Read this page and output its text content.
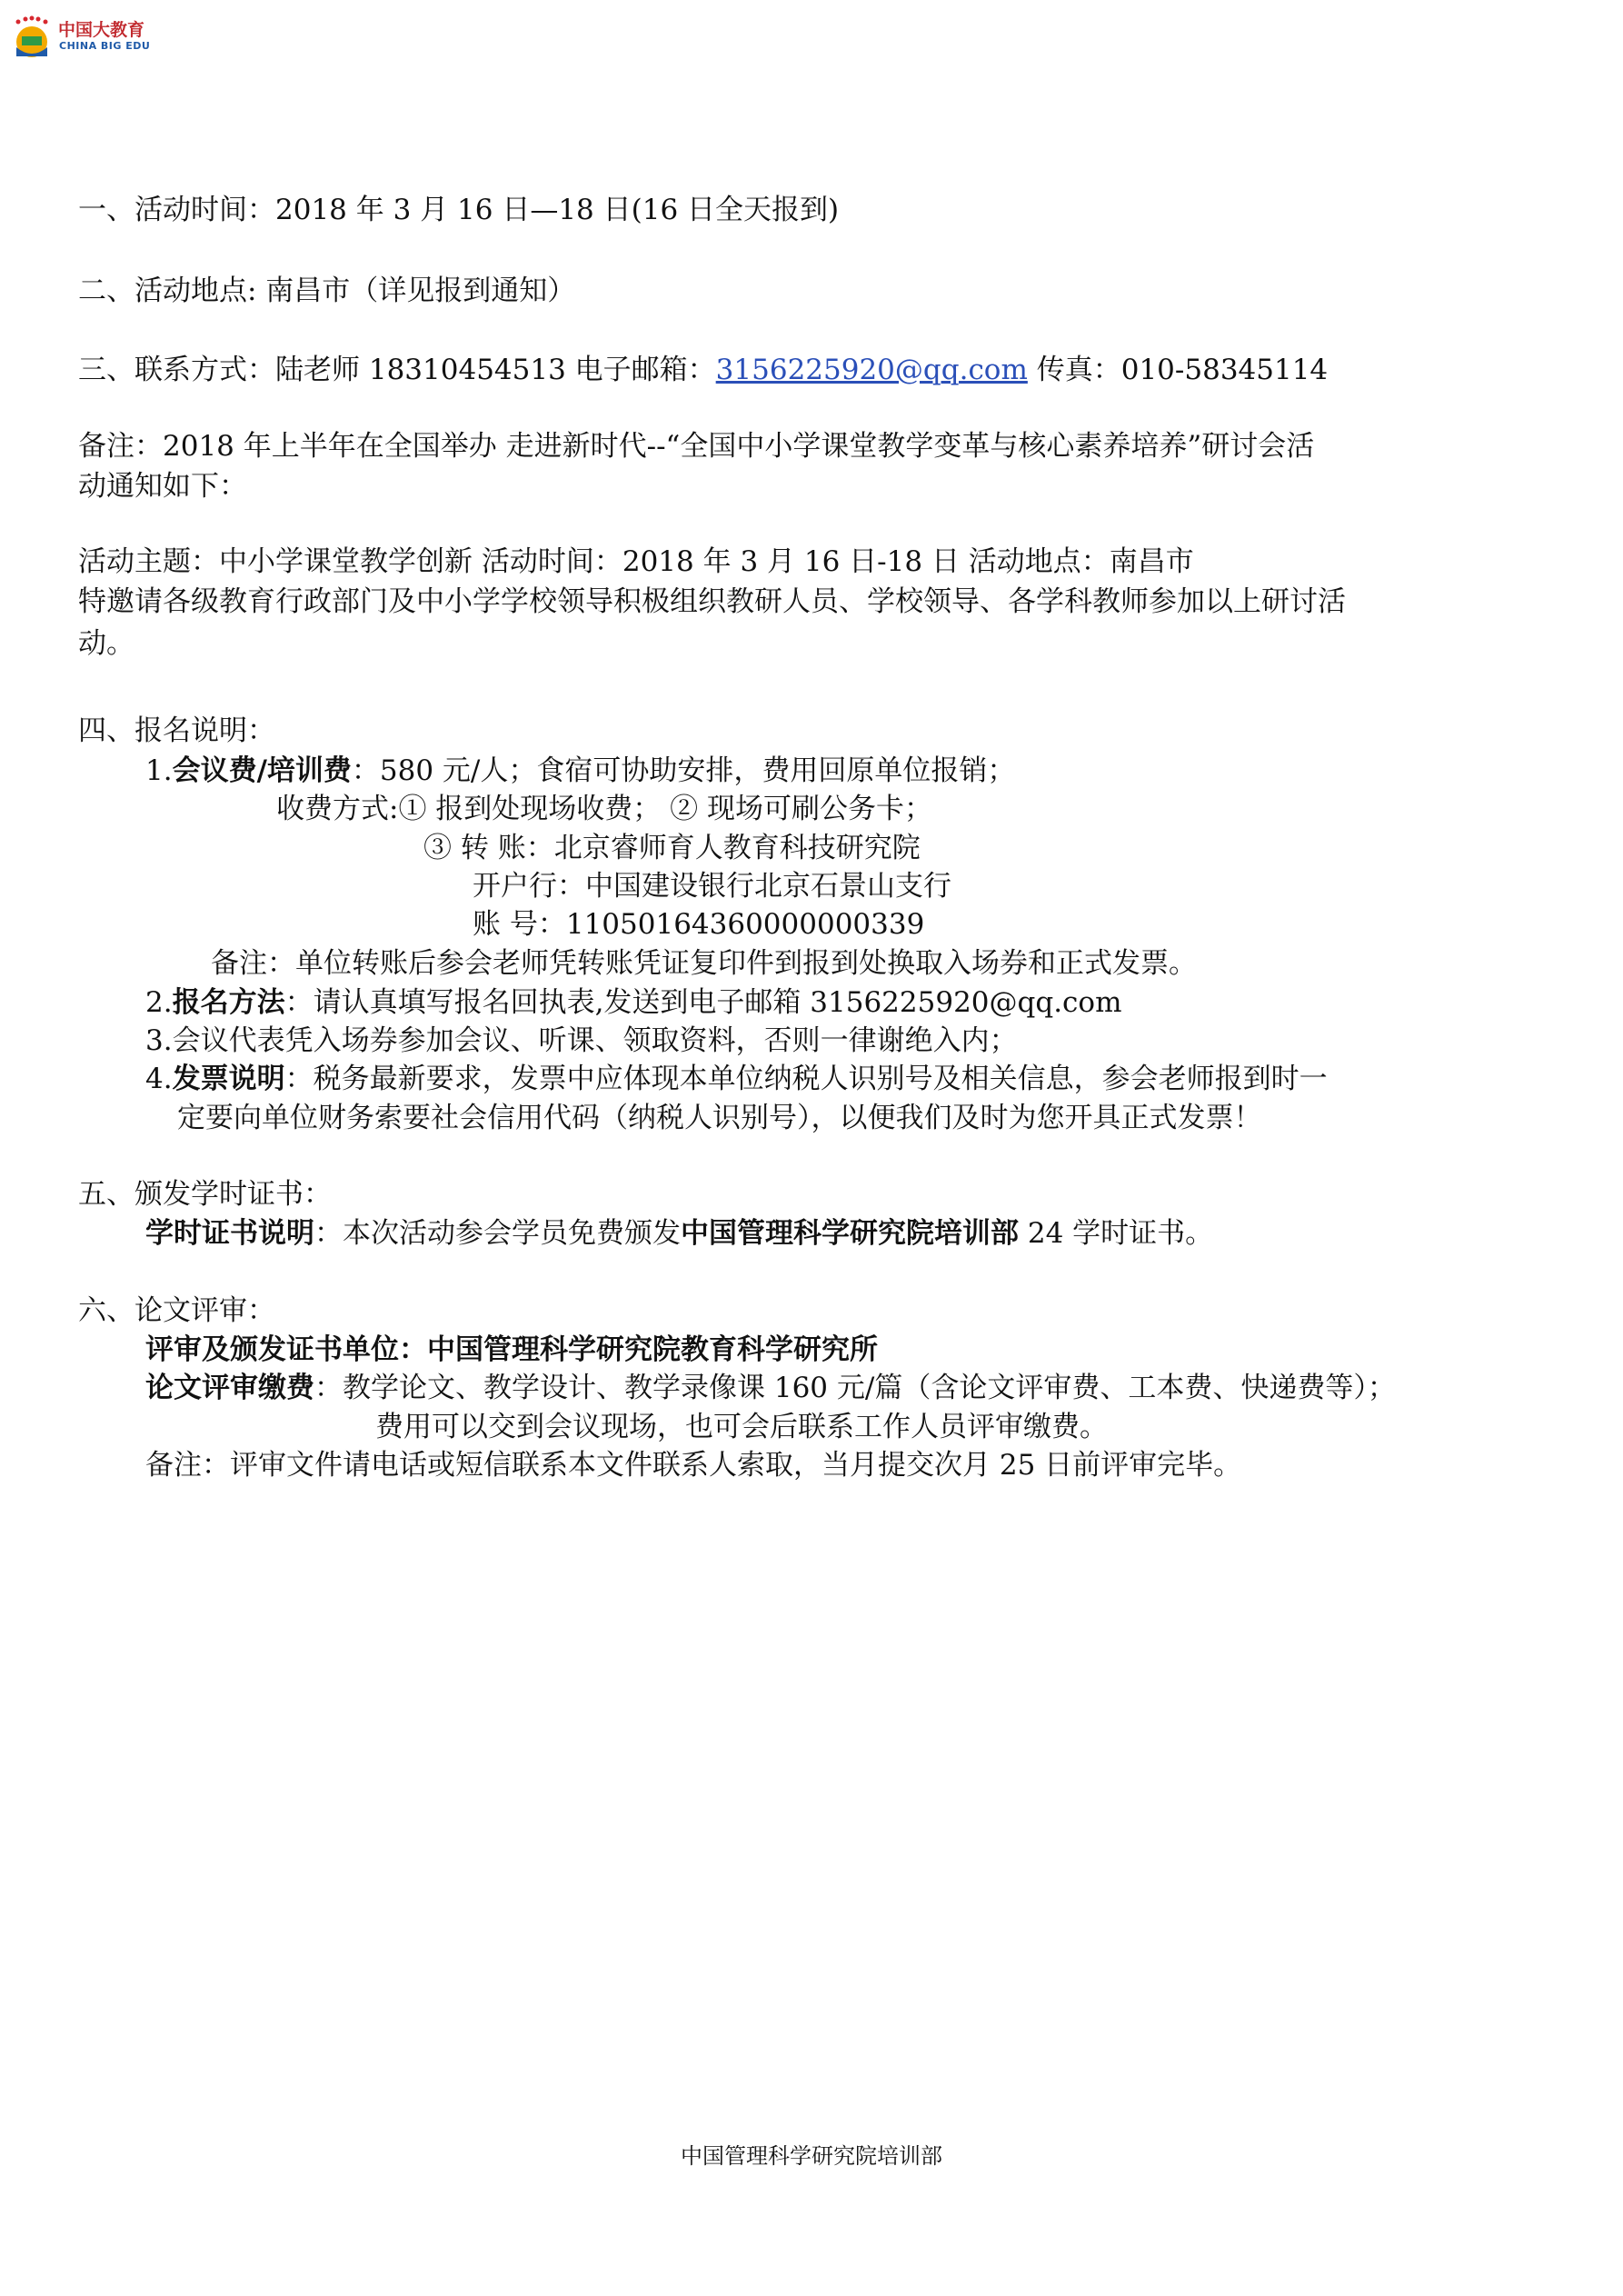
中国大教育
CHINA BIG EDU
一、活动时间：2018 年 3 月 16 日—18 日(16 日全天报到)
二、活动地点: 南昌市（详见报到通知）
三、联系方式：陆老师 18310454513 电子邮箱：3156225920@qq.com 传真：010-58345114
备注：2018 年上半年在全国举办 走进新时代--“全国中小学课堂教学变革与核心素养培养”研讨会活
动通知如下：
活动主题：中小学课堂教学创新 活动时间：2018 年 3 月 16 日-18 日 活动地点：南昌市
特邀请各级教育行政部门及中小学学校领导积极组织教研人员、学校领导、各学科教师参加以上研讨活
动。
四、报名说明：
1.会议费/培训费：580 元/人；食宿可协助安排，费用回原单位报销；
收费方式:① 报到处现场收费； ② 现场可刷公务卡；
③ 转 账：北京睿师育人教育科技研究院
开户行：中国建设银行北京石景山支行
账 号：11050164360000000339
备注：单位转账后参会老师凭转账凭证复印件到报到处换取入场券和正式发票。
2.报名方法：请认真填写报名回执表,发送到电子邮箱 3156225920@qq.com
3.会议代表凭入场券参加会议、听课、领取资料，否则一律谢绝入内；
4.发票说明：税务最新要求，发票中应体现本单位纳税人识别号及相关信息，参会老师报到时一
定要向单位财务索要社会信用代码（纳税人识别号），以便我们及时为您开具正式发票！
五、颁发学时证书：
学时证书说明：本次活动参会学员免费颁发中国管理科学研究院培训部 24 学时证书。
六、论文评审：
评审及颁发证书单位：中国管理科学研究院教育科学研究所
论文评审缴费：教学论文、教学设计、教学录像课 160 元/篇（含论文评审费、工本费、快递费等）；
费用可以交到会议现场，也可会后联系工作人员评审缴费。
备注：评审文件请电话或短信联系本文件联系人索取，当月提交次月 25 日前评审完毕。
中国管理科学研究院培训部
